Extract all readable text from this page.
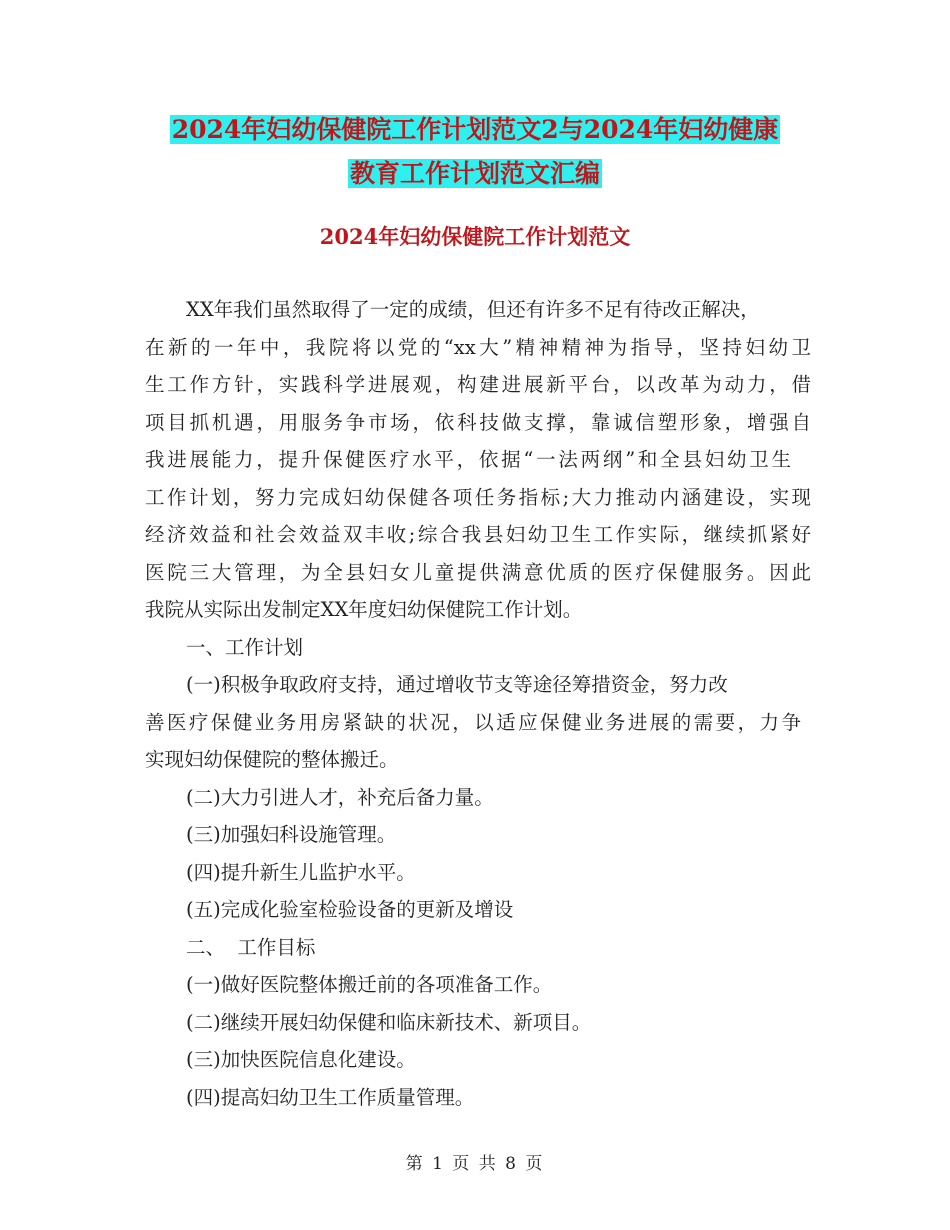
2024年妇幼保健院工作计划范文2与2024年妇幼健康
教育工作计划范文汇编
2024年妇幼保健院工作计划范文
XX年我们虽然取得了一定的成绩，但还有许多不足有待改正解决，
在新的一年中，我院将以党的“xx大”精神精神为指导，坚持妇幼卫
生工作方针，实践科学进展观，构建进展新平台，以改革为动力，借
项目抓机遇，用服务争市场，依科技做支撑，靠诚信塑形象，增强自
我进展能力，提升保健医疗水平，依据“一法两纲”和全县妇幼卫生
工作计划，努力完成妇幼保健各项任务指标;大力推动内涵建设，实现
经济效益和社会效益双丰收;综合我县妇幼卫生工作实际，继续抓紧好
医院三大管理，为全县妇女儿童提供满意优质的医疗保健服务。因此
我院从实际出发制定XX年度妇幼保健院工作计划。
一、工作计划
(一)积极争取政府支持，通过增收节支等途径筹措资金，努力改
善医疗保健业务用房紧缺的状况，以适应保健业务进展的需要，力争
实现妇幼保健院的整体搬迁。
(二)大力引进人才，补充后备力量。
(三)加强妇科设施管理。
(四)提升新生儿监护水平。
(五)完成化验室检验设备的更新及增设
二、  工作目标
(一)做好医院整体搬迁前的各项准备工作。
(二)继续开展妇幼保健和临床新技术、新项目。
(三)加快医院信息化建设。
(四)提高妇幼卫生工作质量管理。
第 1 页 共 8 页
